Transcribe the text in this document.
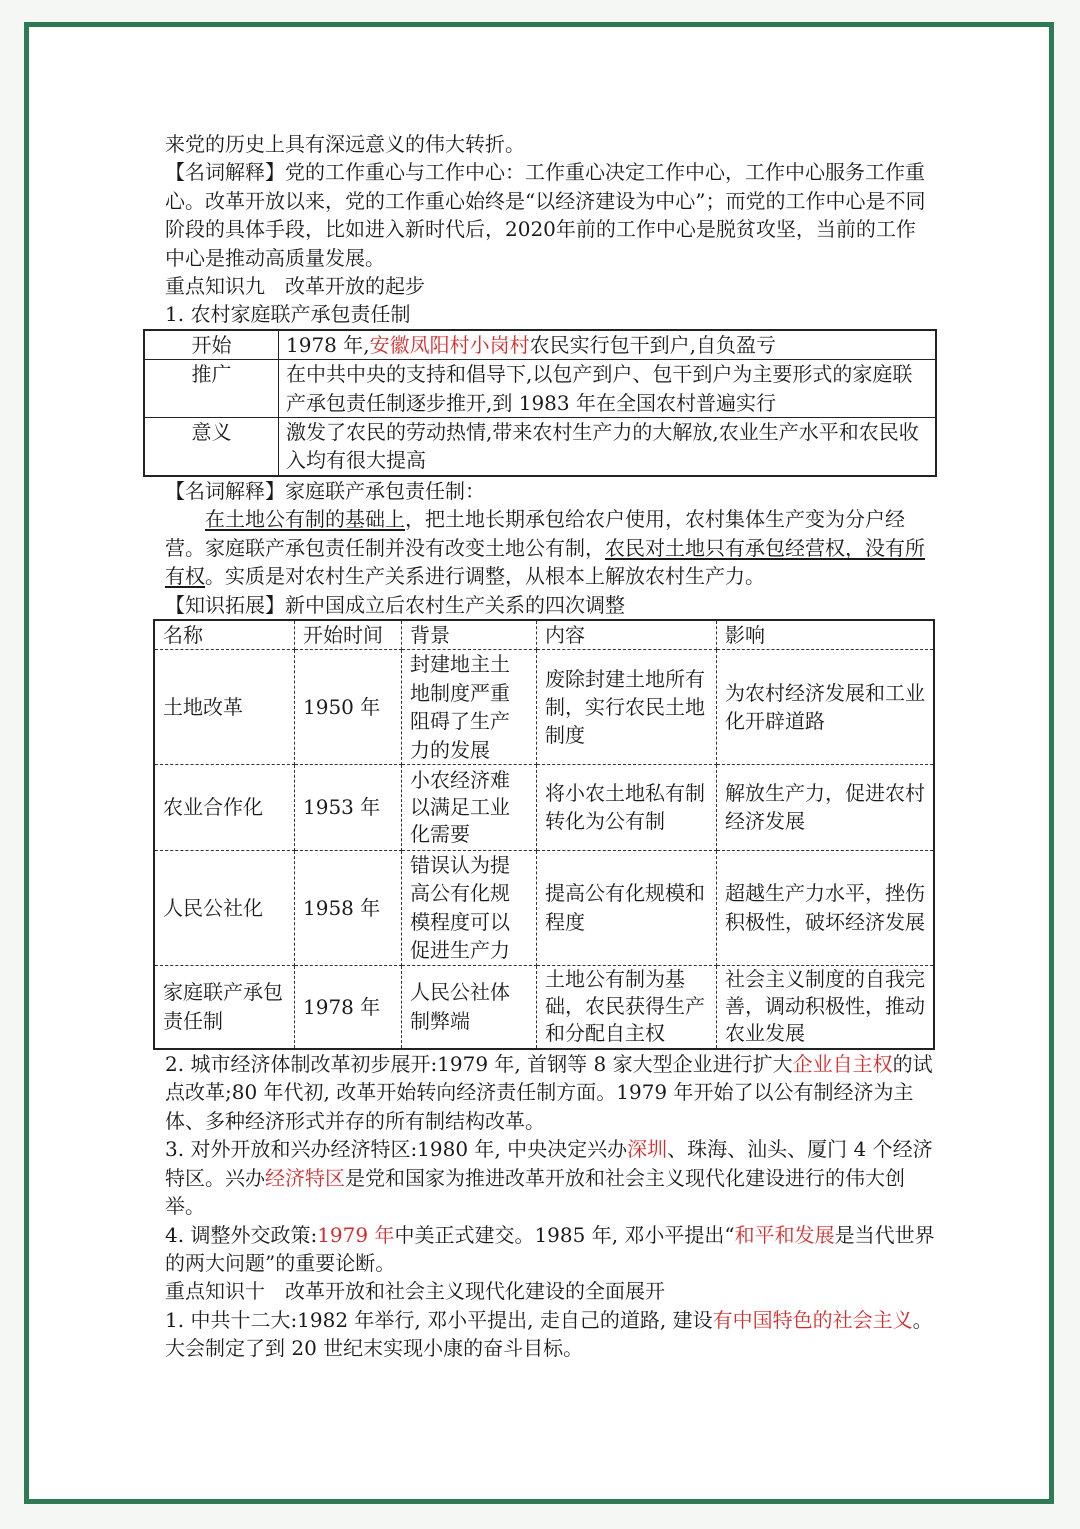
来党的历史上具有深远意义的伟大转折。

【名词解释】党的工作重心与工作中心：工作重心决定工作中心，工作中心服务工作重心。改革开放以来，党的工作重心始终是“以经济建设为中心”；而党的工作中心是不同阶段的具体手段，比如进入新时代后，2020年前的工作中心是脱贫攻坚，当前的工作中心是推动高质量发展。

重点知识九　改革开放的起步

1. 农村家庭联产承包责任制

开始	1978 年,安徽凤阳村小岗村农民实行包干到户,自负盈亏
推广	在中共中央的支持和倡导下,以包产到户、包干到户为主要形式的家庭联产承包责任制逐步推开,到 1983 年在全国农村普遍实行
意义	激发了农民的劳动热情,带来农村生产力的大解放,农业生产水平和农民收入均有很大提高

【名词解释】家庭联产承包责任制：

在土地公有制的基础上，把土地长期承包给农户使用，农村集体生产变为分户经营。家庭联产承包责任制并没有改变土地公有制，农民对土地只有承包经营权，没有所有权。实质是对农村生产关系进行调整，从根本上解放农村生产力。

【知识拓展】新中国成立后农村生产关系的四次调整

名称	开始时间	背景	内容	影响
土地改革	1950 年	封建地主土地制度严重阻碍了生产力的发展	废除封建土地所有制，实行农民土地制度	为农村经济发展和工业化开辟道路
农业合作化	1953 年	小农经济难以满足工业化需要	将小农土地私有制转化为公有制	解放生产力，促进农村经济发展
人民公社化	1958 年	错误认为提高公有化规模程度可以促进生产力	提高公有化规模和程度	超越生产力水平，挫伤积极性，破坏经济发展
家庭联产承包责任制	1978 年	人民公社体制弊端	土地公有制为基础，农民获得生产和分配自主权	社会主义制度的自我完善，调动积极性，推动农业发展

2. 城市经济体制改革初步展开:1979 年, 首钢等 8 家大型企业进行扩大企业自主权的试点改革;80 年代初, 改革开始转向经济责任制方面。1979 年开始了以公有制经济为主体、多种经济形式并存的所有制结构改革。

3. 对外开放和兴办经济特区:1980 年, 中央决定兴办深圳、珠海、汕头、厦门 4 个经济特区。兴办经济特区是党和国家为推进改革开放和社会主义现代化建设进行的伟大创举。

4. 调整外交政策:1979 年中美正式建交。1985 年, 邓小平提出“和平和发展是当代世界的两大问题”的重要论断。

重点知识十　改革开放和社会主义现代化建设的全面展开

1. 中共十二大:1982 年举行, 邓小平提出, 走自己的道路, 建设有中国特色的社会主义。大会制定了到 20 世纪末实现小康的奋斗目标。
